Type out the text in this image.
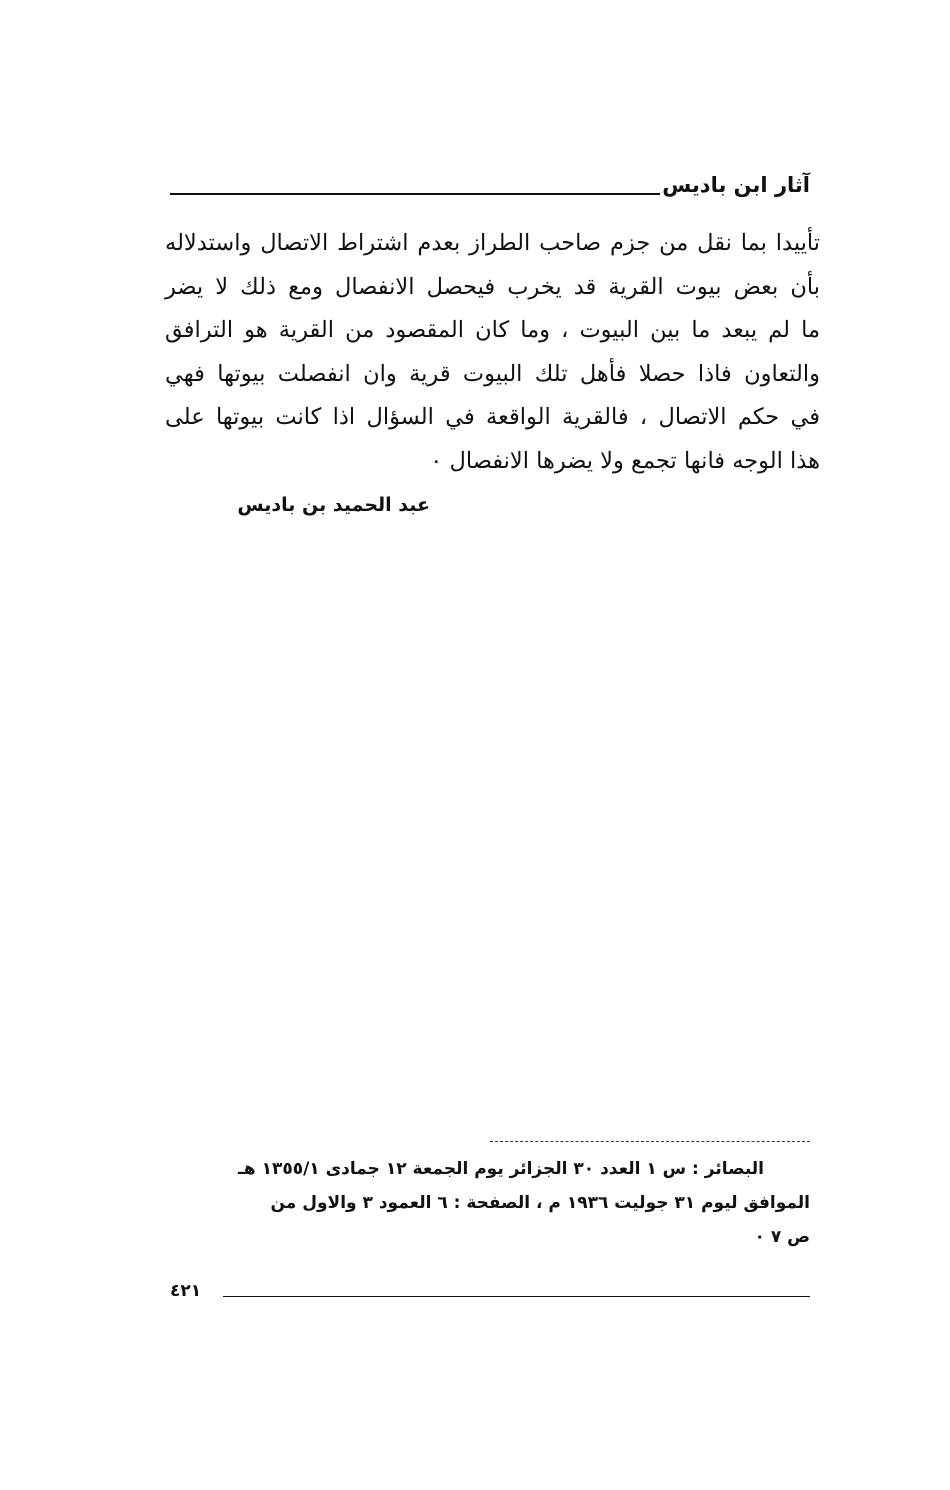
آثار ابن باديس

تأييدا بما نقل من جزم صاحب الطراز بعدم اشتراط الاتصال واستدلاله

بأن بعض بيوت القرية قد يخرب فيحصل الانفصال ومع ذلك لا يضر

ما لم يبعد ما بين البيوت ، وما كان المقصود من القرية هو الترافق

والتعاون فاذا حصلا فأهل تلك البيوت قرية وان انفصلت بيوتها فهي

في حكم الاتصال ، فالقرية الواقعة في السؤال اذا كانت بيوتها على

هذا الوجه فانها تجمع ولا يضرها الانفصال ٠

عبد الحميد بن باديس

البصائر : س ١ العدد ٣٠ الجزائر يوم الجمعة ١٢ جمادى ١٣٥٥/١ هـ

الموافق ليوم ٣١ جوليت ١٩٣٦ م ، الصفحة : ٦ العمود ٣ والاول من

ص ٧ ٠

٤٢١
